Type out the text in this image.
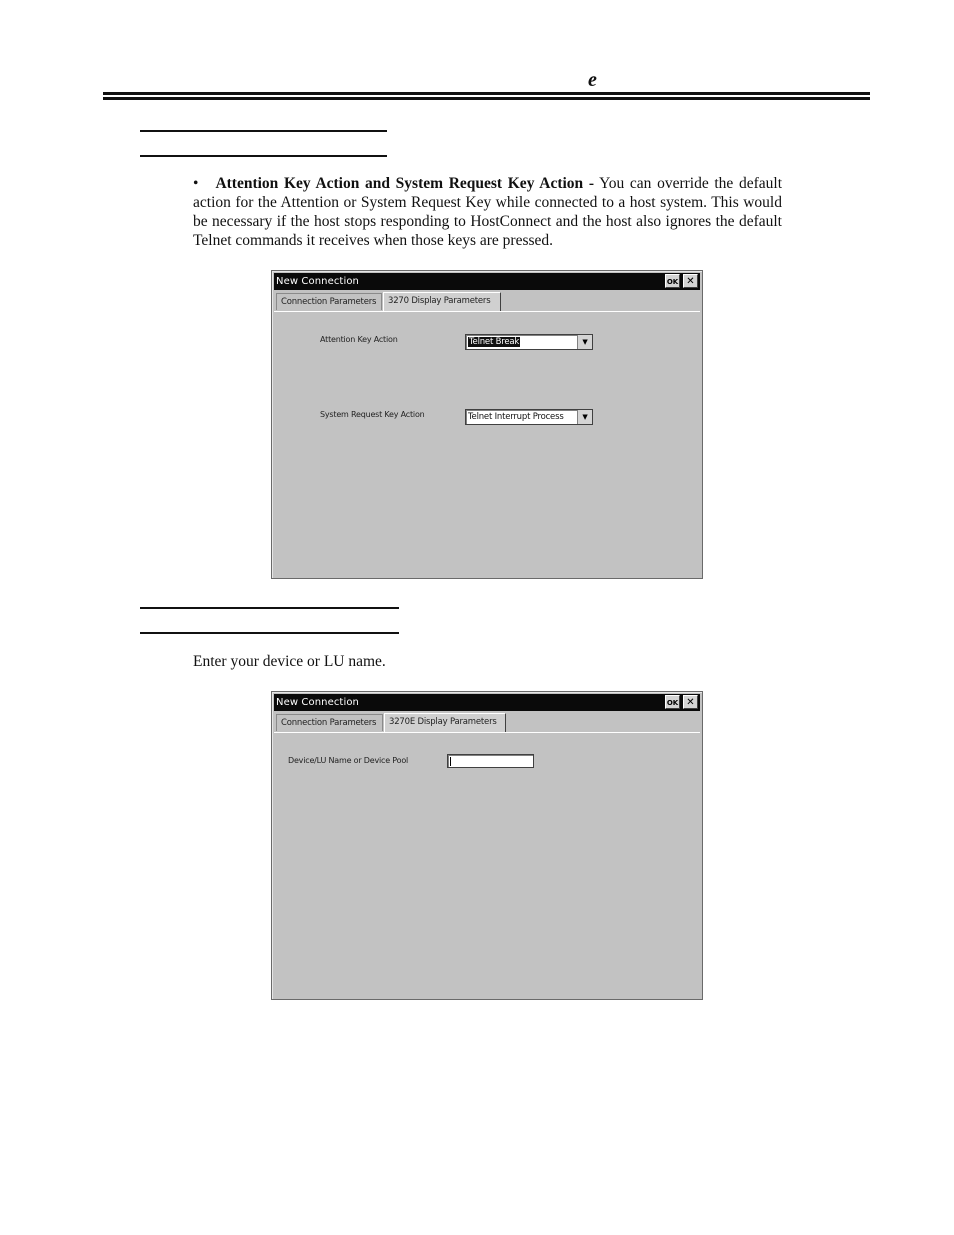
e
• Attention Key Action and System Request Key Action - You can override the default action for the Attention or System Request Key while connected to a host system. This would be necessary if the host stops responding to HostConnect and the host also ignores the default Telnet commands it receives when those keys are pressed.
New Connection	OK ✕
Connection Parameters	3270 Display Parameters
Attention Key Action	Telnet Break	▼
System Request Key Action	Telnet Interrupt Process	▼
Enter your device or LU name.
New Connection	OK ✕
Connection Parameters	3270E Display Parameters
Device/LU Name or Device Pool
